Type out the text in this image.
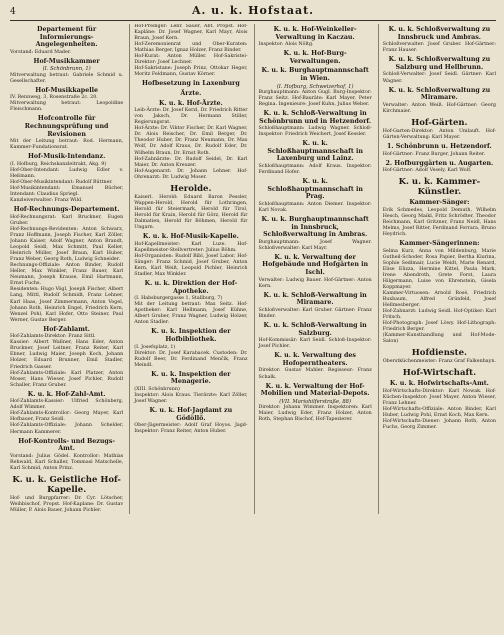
4	A. u. k. Hofstaat.
Departement für Informierungs-Angelegenheiten.
Vorstand: Eduard Mader.
Hof-Musikkammer
(I. Schönbrunn, 1)
Mitverwaltung betraut: Gabriele Schmid u. Gesellschafter.
Hof-Musikkapelle
IV. Rennweg, 3, Rosenstraße 2c. 20.
Mitverwaltung betraut: Leopoldine Fleischmann.
Hofcontrolle für Rechnungsprüfung und Revisionen
Mit der Leitung betraut: Rod. Hermann, Kammer-Fundationsrat.
Hof-Musik-Intendanz.
(I. Hofburg, Reichskanzleitrakt, Akg. 9)
Hof-Ober-Intendant: Ludwig Edler v. Heßmann.
Hof-Ober-Musikintendant: Rudolf Büttner.
Hof-Musikintendant: Emanuel Bücher, Intendant: Claudius Spriegl.
Kanzleiverwalter: Franz Wild.
Hof-Rechnungs-Departement.
Hof-Rechnungsrat: Karl Bruckner, Eugen Gruber.
Hof-Rechnungs-Revidenten: Anton Schwarz, Franz Hoffmann, Joseph Fischer, Karl Zöller, Johann Kaiser, Adolf Wagner, Anton Brandt, Leopold Seidl, Max Schmitt, Paul Keller, Heinrich Müller, Josef Braun, Karl Huber, Franz Weber, Georg Roth, Ludwig Schneider.
Rechnungs-Offiziale: Anton Binder, Rudolf Heller, Max Winkler, Franz Bauer, Karl Neumann, Joseph Krause, Emil Hartmann, Ernst Fuchs.
Residenten: Hugo Vögl, Joseph Fischer, Albert Lang, Mittl, Rudolf Schmidt, Franz Lehner, Karl Haas, Josef Zimmermann, Anton Vogel, Johann Roth, Heinrich Engel, Friedrich Kern, Wenzel Pohl, Karl Hofer, Otto Steiner, Paul Werner, Gustav Berger.
Hof-Zahlamt.
Hof-Zahlamts-Direktor: Franz Sittl.
Kassier: Albert Wallner, Hans Eder, Anton Bruckner, Josef Leitner, Franz Reiter, Karl Ebner, Ludwig Maier, Joseph Koch, Johann Holzer, Eduard Brunner, Emil Stadler, Friedrich Gasser.
Hof-Zahlamts-Offiziale: Karl Platzer, Anton Moser, Hans Wieser, Josef Pichler, Rudolf Schaller, Franz Gruber.
K. u. k. Hof-Zahl-Amt.
Hof-Zahlamts-Kassier: Ulfried Schönberg, Adolf Wimmer.
Hof-Zahlamts-Kontrollor: Georg Mayer, Karl Hofbauer, Franz Seidl.
Hof-Zahlamts-Offiziale: Johann Schelder, Hermann Kammerer.
Hof-Kontrolls- und Bezugs-Amt.
Vorstand: Julius Gödel. Kontrollor: Mathias Rehwald, Karl Schaller, Tommasi Matschelle, Karl Schmid, Anton Prinz.
K. u. k. Geistliche Hof-Kapelle.
Hof- und Burgpfarrer: Dr. Cyr. Lötscher, Weihbischof, Propst. Hof-Kaplane: Dr. Gustav Müller, P. Alois Bauer, Johann Pichler.
Hof-Prediger: Lebr. Sauer, Abt. Propst. Hof-Kapläne: Dr. Josef Wagner, Karl Mayr, Alois Braun, Josef Kern.
Hof-Zeremonienrat und Ober-Kuraten: Mathias Berger, Ignaz Holzer, Franz Binder.
Hof-Kurat: Anton Müller. Hof-Sakristei-Direktor: Josef Lechner.
Hof-Sakristane: Joseph Prinz, Ottokar Heger, Moritz Feldmann, Gustav Körner.
Hofbesetzung in Laxenburg
Ärzte.
K. u. k. Hof-Ärzte.
Leib-Ärzte: Dr. Josef Kerzl, Dr. Friedrich Ritter von Jaksch, Dr. Hermann Stiller, Regierungsrat.
Hof-Ärzte: Dr. Viktor Fischer, Dr. Karl Wagner, Dr. Alois Reischer, Dr. Emil Berger, Dr. Theodor Huber, Dr. Franz Neumann, Dr. Max Wolf, Dr. Adolf Kraus, Dr. Rudolf Eder, Dr. Wilhelm Braun, Dr. Ernst Roth.
Hof-Zahnärzte: Dr. Rudolf Seidel, Dr. Karl Maier, Dr. Anton Kreuzer.
Hof-Augenarzt: Dr. Johann Lehner. Hof-Ohrenarzt: Dr. Ludwig Moser.
Herolde.
Kaiserl. Herold: Eduard Baron Pessler, Wappen-Herold, Herold für Lothringen, Herold für Steiermark, Herold für Tirol, Herold für Krain, Herold für Görz, Herold für Dalmatien, Herold für Böhmen, Herold für Ungarn.
K. u. k. Hof-Musik-Kapelle.
Hof-Kapellmeister: Karl Luze. Hof-Kapellmeister-Stellvertreter: Julius Böhm.
Hof-Organisten: Rudolf Bibl, Josef Labor. Hof-Sänger: Franz Schmid, Josef Gruber, Anton Kern, Karl Weiß, Leopold Pichler, Heinrich Stadler, Max Winkler.
K. u. k. Direktion der Hof-Apotheke.
(I. Habsburgergasse 1, Stallburg, 7)
Mit der Leitung betraut: Max Seitz. Hof-Apotheker: Karl Hellmann, Josef Kühne, Albert Gruber, Franz Wagner, Ludwig Holzer, Anton Stadler.
K. u. k. Inspektion der Hofbibliothek.
(I. Josefsplatz, 1)
Direktor: Dr. Josef Karabacek. Custoden: Dr. Rudolf Beer, Dr. Ferdinand Menčík, Franz Meindl.
K. u. k. Inspektion der Menagerie.
(XIII. Schönbrunn)
Inspektor: Alois Kraus. Tierärzte: Karl Zöller, Josef Wagner.
K. u. k. Hof-Jagdamt zu Gödöllő.
Ober-Jägermeister: Adolf Graf Hoyos. Jagd-Inspektor: Franz Reiter, Anton Huber.
K. u. k. Hof-Weinkeller-Verwaltung in Kaczau.
Inspektor: Alois Nöltg.
K. u. k. Hof-Burg-Verwaltungen.
K. u. k. Burghauptmannschaft in Wien.
(I. Hofburg, Schweizerhof, 1)
Burghauptmann: Anton Gugl. Burg-Inspektor: Franz Seitz. Hof-Bauräte: Karl Mayer, Peter Regina. Ingenieure: Josef Kuhn, Julius Weber.
K. u. k. Schloß-Verwaltung in Schönbrunn und in Hetzendorf.
Schloßhauptmann: Ludwig Wagner. Schloß-Inspektor: Friedrich Weichert, Josef Kessler.
K. u. k. Schloßhauptmannschaft in Laxenburg und Lainz.
Schloßhauptmann: Adolf Kraus. Inspektor: Ferdinand Hofer.
K. u. k. Schloßhauptmannschaft in Prag.
Schloßhauptmann: Anton Diemer. Inspektor: Karl Novak.
K. u. k. Burghauptmannschaft in Innsbruck, Schloßverwaltung in Ambras.
Burghauptmann: Josef Wagner. Schloßverwalter: Karl Mayr.
K. u. k. Verwaltung der Hofgebäude und Hofgärten in Ischl.
Verwalter: Ludwig Bauer. Hof-Gärtner: Anton Kern.
K. u. k. Schloß-Verwaltung in Miramare.
Schloßverwalter: Karl Gruber. Gärtner: Franz Binder.
K. u. k. Schloß-Verwaltung in Salzburg.
Hof-Kommissär: Karl Seidl. Schloß-Inspektor: Josef Pichler.
K. u. k. Verwaltung des Hofoperntheaters.
Direktor: Gustav Mahler. Regisseur: Franz Schalk.
K. u. k. Verwaltung der Hof-Mobilien und Material-Depots.
(VII. Mariahilferstraße, 88)
Direktor: Johann Wimmer. Inspektoren: Karl Maier, Ludwig Eder, Franz Holzer, Anton Roth, Stephan Bischof, Hof-Tapezierer.
K. u. k. Schloßverwaltung zu Innsbruck und Ambras.
Schloßverwalter: Josef Gruber. Hof-Gärtner: Franz Hauser.
K. u. k. Schloßverwaltung zu Salzburg und Hellbrunn.
Schloß-Verwalter: Josef Seidl. Gärtner: Karl Wagner.
K. u. k. Schloßverwaltung zu Miramare.
Verwalter: Anton Weiß. Hof-Gärtner: Georg Kirchmaier.
Hof-Gärten.
Hof-Garten-Direktor: Anton Umlauft. Hof-Gärten-Verwaltung: Karl Mayer.
1. Schönbrunn u. Hetzendorf.
Hof-Gärtner: Franz Burger, Johann Reiter.
2. Hofburggärten u. Augarten.
Hof-Gärtner: Adolf Vesely, Karl Wolf.
K. u. k. Kammer-Künstler.
Kammer-Sänger:
Erik Schmedes, Leopold Demuth, Wilhelm Hesch, Georg Maikl, Fritz Schrödter, Theodor Reichmann, Karl Gritzner, Franz Neidl, Hans Melms, Josef Ritter, Ferdinand Ferrara, Bruno Heydrich.
Kammer-Sängerinnen:
Selma Kurz, Anna von Mildenburg, Marie Gutheil-Schoder, Rosa Papier, Bertha Kiurina, Sophie Sedlmair, Lucie Weidt, Marie Renard, Elise Elizza, Hermine Kittel, Paula Mark, Irene Abendroth, Grete Forst, Laura Hilgermann, Luise von Ehrenstein, Gisela Koppmayer.
Kammer-Virtuosen: Arnold Rosé, Friedrich Buxbaum, Alfred Grünfeld, Josef Hellmesberger.
Hof-Zahnarzt: Ludwig Seidl. Hof-Optiker: Karl Fritsch.
Hof-Photograph: Josef Löwy. Hof-Lithograph: Friedrich Berger.
(Kammer-Kunsthandlung und Hof-Mode-Salon)
Hofdienste.
Oberstküchenmeister: Franz Graf Falkenhayn.
Hof-Wirtschaft.
K. u. k. Hofwirtschafts-Amt.
Hof-Wirtschafts-Direktor: Karl Nowak. Hof-Küchen-Inspektor: Josef Mayer, Anton Wieser, Franz Lehner.
Hof-Wirtschafts-Offiziale: Anton Binder, Karl Huber, Ludwig Pohl, Ernst Koch, Max Kern.
Hof-Wirtschafts-Diener: Johann Roth, Anton Fuchs, Georg Zimmer.
